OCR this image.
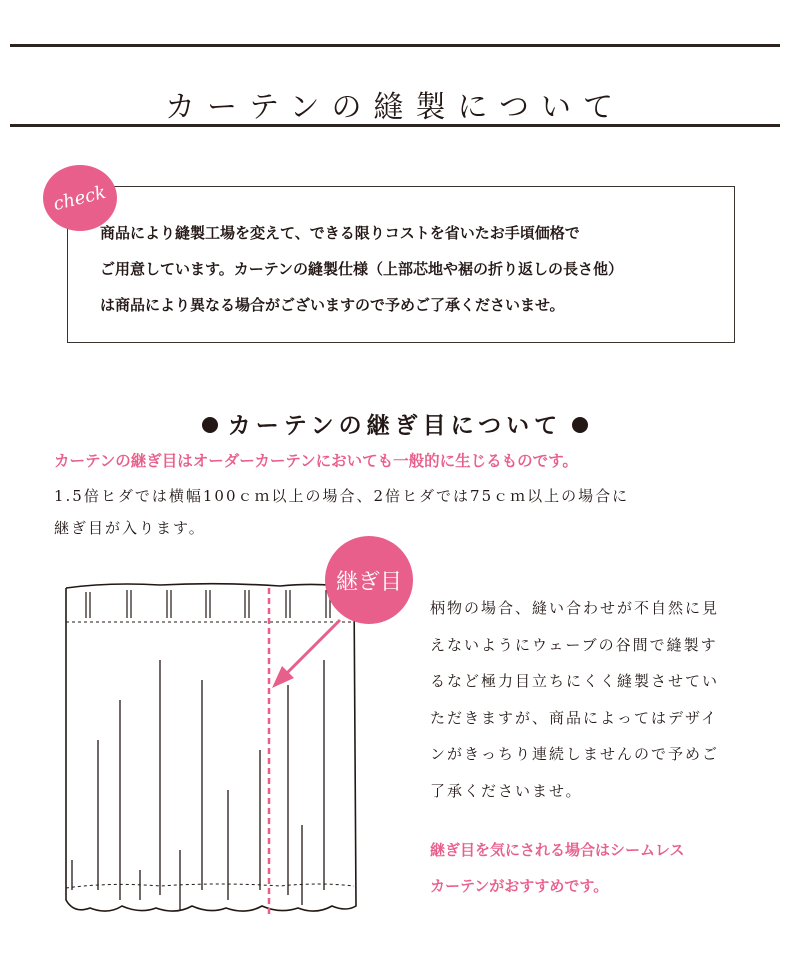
カーテンの縫製について
商品により縫製工場を変えて、できる限りコストを省いたお手頃価格で
ご用意しています。カーテンの縫製仕様（上部芯地や裾の折り返しの長さ他）
は商品により異なる場合がございますので予めご了承くださいませ。
check
カーテンの継ぎ目について
カーテンの継ぎ目はオーダーカーテンにおいても一般的に生じるものです。
1.5倍ヒダでは横幅100ｃｍ以上の場合、2倍ヒダでは75ｃｍ以上の場合に
継ぎ目が入ります。
継ぎ目
柄物の場合、縫い合わせが不自然に見
えないようにウェーブの谷間で縫製す
るなど極力目立ちにくく縫製させてい
ただきますが、商品によってはデザイ
ンがきっちり連続しませんので予めご
了承くださいませ。
継ぎ目を気にされる場合はシームレス
カーテンがおすすめです。
